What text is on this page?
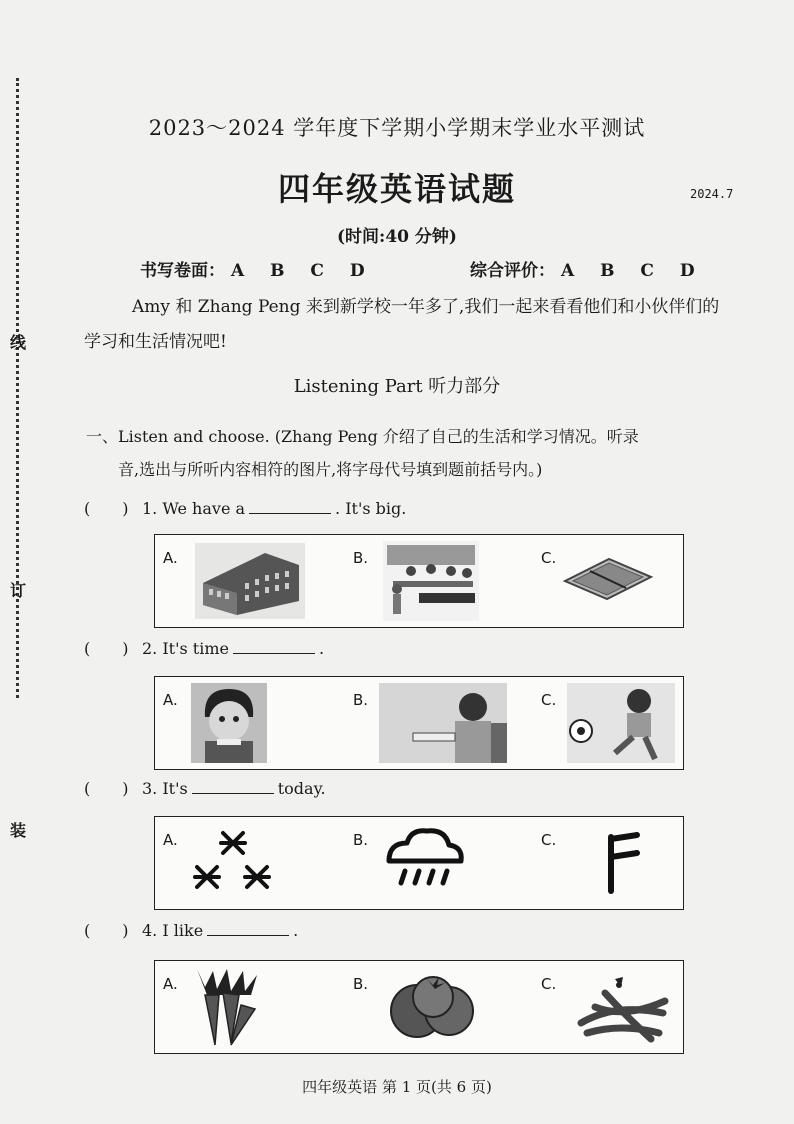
线
订
装
2023～2024 学年度下学期小学期末学业水平测试
四年级英语试题	2024.7
(时间:40 分钟)
书写卷面： A B C D	综合评价： A B C D
Amy 和 Zhang Peng 来到新学校一年多了,我们一起来看看他们和小伙伴们的学习和生活情况吧!
Listening Part 听力部分
一、Listen and choose. (Zhang Peng 介绍了自己的生活和学习情况。听录
音,选出与所听内容相符的图片,将字母代号填到题前括号内。)
(　　) 1. We have a	. It's big.
A.	B.	C.
(　　) 2. It's time	.
A.	B.	C.
(　　) 3. It's	today.
A.	B.	C.
(　　) 4. I like	.
A.	B.	C.
四年级英语 第 1 页(共 6 页)
